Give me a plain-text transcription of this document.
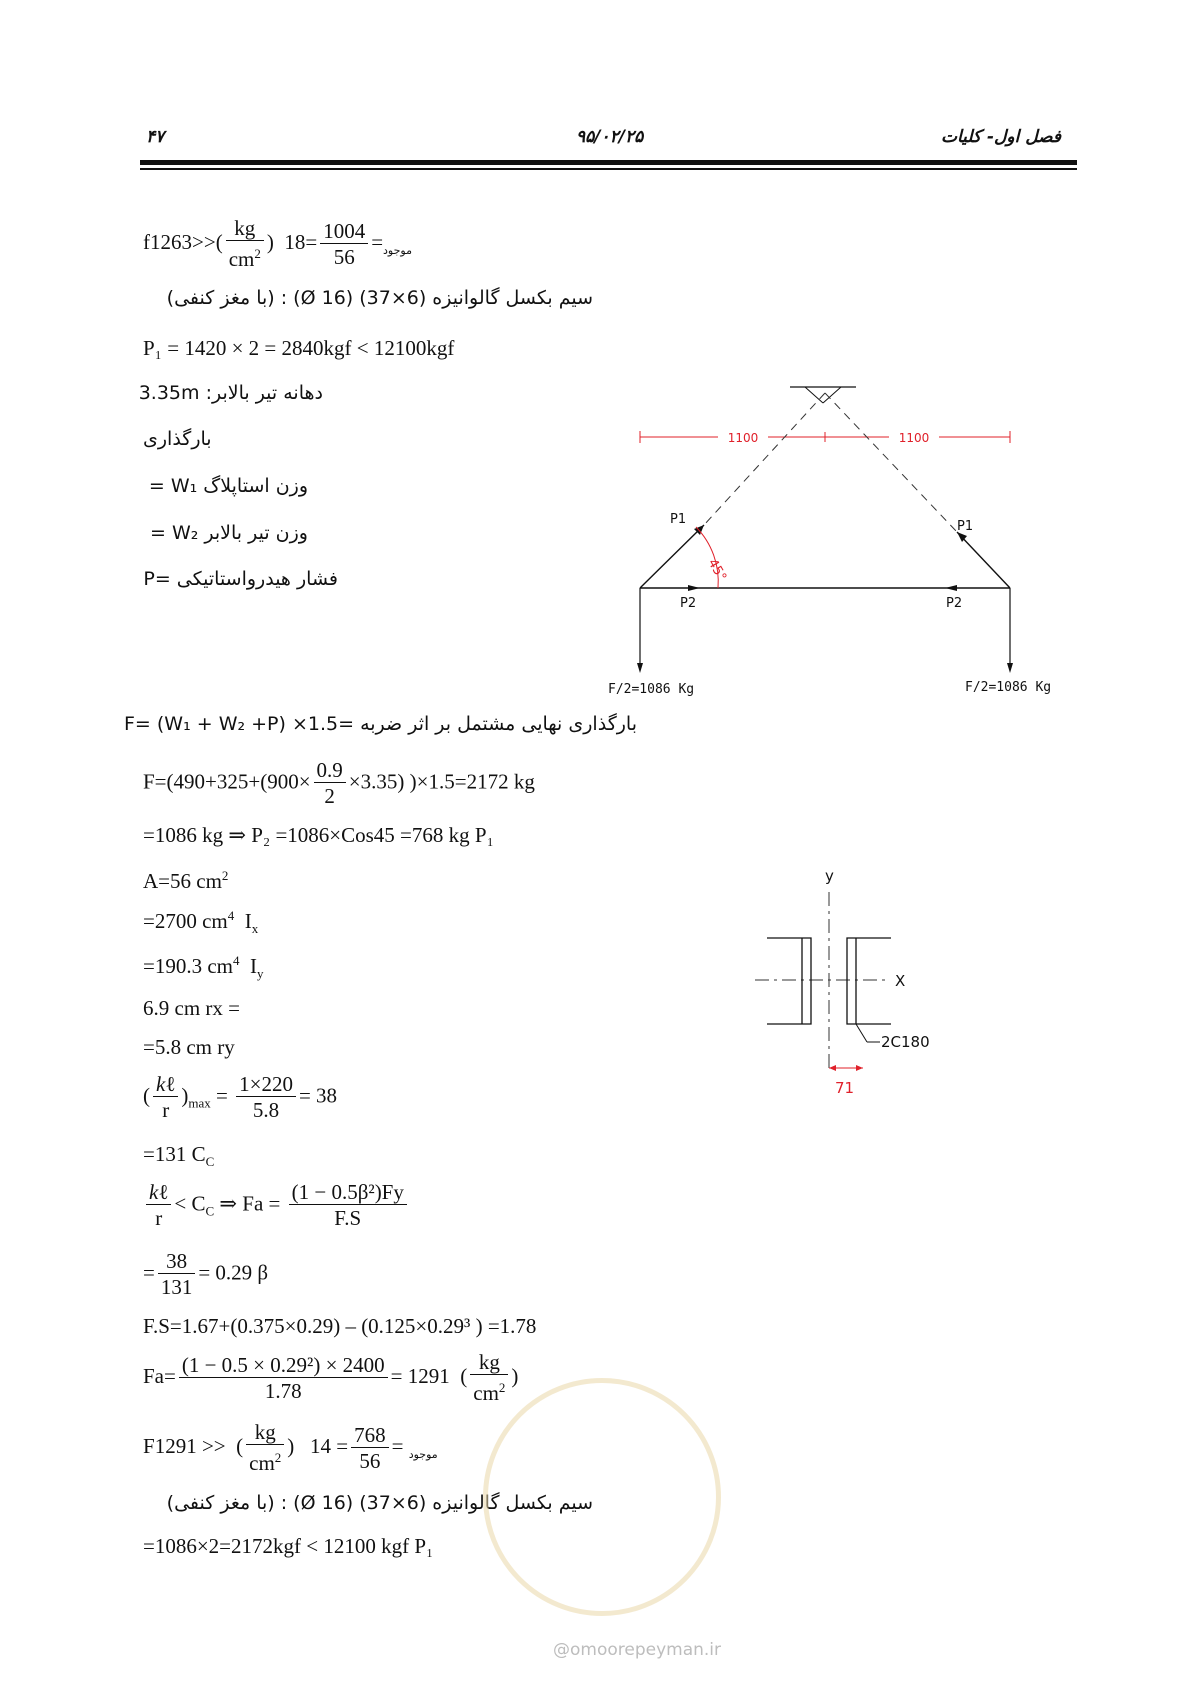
۴۷	۹۵/۰۲/۲۵	فصل اول- کلیات
f	$_{موجود}$=
$\frac{1004}{56}$
=18  (
$\frac{kg}{cm^2}$
)<<1263
سیم بکسل گالوانیزه (6×37) (Ø 16) : (با مغز کنفی)
P₁ = 1420 × 2 = 2840kgf < 12100kgf
دهانه تیر بالابر: 3.35m
بارگذاری
وزن استاپلاگ W₁ =
وزن تیر بالابر W₂ =
فشار هیدرواستاتیکی =P
1100	1100
45°
P1	P1
P2	P2
F/2=1086 Kg	F/2=1086 Kg
بارگذاری نهایی مشتمل بر اثر ضربه =1.5× (W₁ + W₂ +P) =F
$F=(490+325+(900\times \frac{0.9}{2} \times 3.35)$ )×1.5=2172 kg
=1086 kg ⇒ P₂ =1086×Cos45 =768 kg P₁
A=56 $cm^2$
=2700 $cm^4$  $I_x$
=190.3 $cm^4$  $I_y$
6.9 cm rx =
=5.8 cm ry
y
X
2C180
71
( $\frac{\text{kℓ}}{r} )_{max} = \frac{1\times 220}{5.8} = 38$
=131 $C_C$
$\frac{\text{kℓ}}{r} < C_C$ ⇒ $Fa = \frac{\text{(1 − 0.5β²)Fy}}{F.S}$
= $\frac{38}{131} = 0.29$ β
F.S=1.67+(0.375×0.29) – (0.125×0.29³ ) =1.78
$Fa= \frac{\text{(1 − 0.5 × 0.29²) × 2400}}{1.78} = 1291$  ( $\frac{kg}{cm^2}$ )
F	$_{موجود}$ =
$\frac{768}{56}$
= 14   (
$\frac{kg}{cm^2}$
)  << 1291
سیم بکسل گالوانیزه (6×37) (Ø 16) : (با مغز کنفی)
=1086×2=2172kgf < 12100 kgf P₁
@omoorepeyman.ir
